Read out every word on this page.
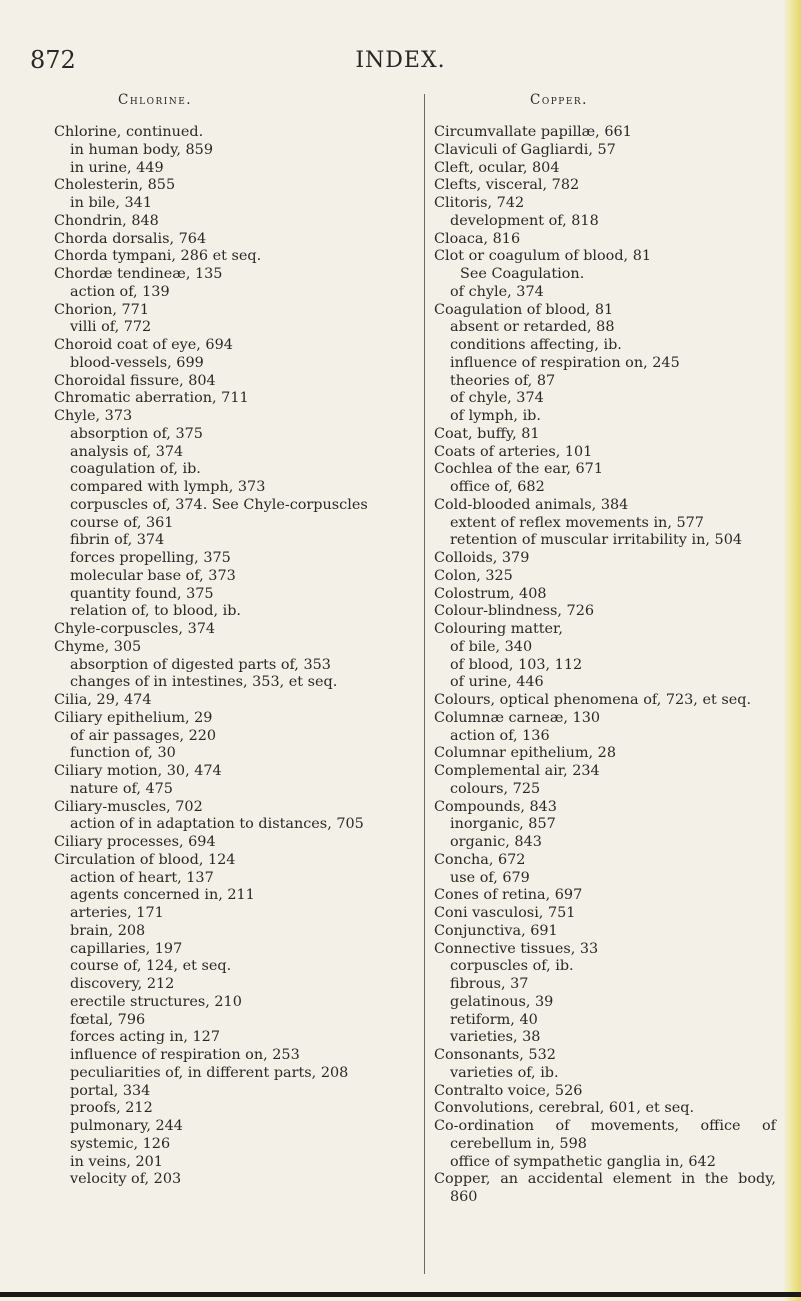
872	INDEX.
Chlorine.	Copper.
Chlorine, continued.
in human body, 859
in urine, 449
Cholesterin, 855
in bile, 341
Chondrin, 848
Chorda dorsalis, 764
Chorda tympani, 286 et seq.
Chordæ tendineæ, 135
action of, 139
Chorion, 771
villi of, 772
Choroid coat of eye, 694
blood-vessels, 699
Choroidal fissure, 804
Chromatic aberration, 711
Chyle, 373
absorption of, 375
analysis of, 374
coagulation of, ib.
compared with lymph, 373
corpuscles of, 374. See Chyle-corpuscles
course of, 361
fibrin of, 374
forces propelling, 375
molecular base of, 373
quantity found, 375
relation of, to blood, ib.
Chyle-corpuscles, 374
Chyme, 305
absorption of digested parts of, 353
changes of in intestines, 353, et seq.
Cilia, 29, 474
Ciliary epithelium, 29
of air passages, 220
function of, 30
Ciliary motion, 30, 474
nature of, 475
Ciliary-muscles, 702
action of in adaptation to distances, 705
Ciliary processes, 694
Circulation of blood, 124
action of heart, 137
agents concerned in, 211
arteries, 171
brain, 208
capillaries, 197
course of, 124, et seq.
discovery, 212
erectile structures, 210
fœtal, 796
forces acting in, 127
influence of respiration on, 253
peculiarities of, in different parts, 208
portal, 334
proofs, 212
pulmonary, 244
systemic, 126
in veins, 201
velocity of, 203
Circumvallate papillæ, 661
Claviculi of Gagliardi, 57
Cleft, ocular, 804
Clefts, visceral, 782
Clitoris, 742
development of, 818
Cloaca, 816
Clot or coagulum of blood, 81
See Coagulation.
of chyle, 374
Coagulation of blood, 81
absent or retarded, 88
conditions affecting, ib.
influence of respiration on, 245
theories of, 87
of chyle, 374
of lymph, ib.
Coat, buffy, 81
Coats of arteries, 101
Cochlea of the ear, 671
office of, 682
Cold-blooded animals, 384
extent of reflex movements in, 577
retention of muscular irritability in, 504
Colloids, 379
Colon, 325
Colostrum, 408
Colour-blindness, 726
Colouring matter,
of bile, 340
of blood, 103, 112
of urine, 446
Colours, optical phenomena of, 723, et seq.
Columnæ carneæ, 130
action of, 136
Columnar epithelium, 28
Complemental air, 234
colours, 725
Compounds, 843
inorganic, 857
organic, 843
Concha, 672
use of, 679
Cones of retina, 697
Coni vasculosi, 751
Conjunctiva, 691
Connective tissues, 33
corpuscles of, ib.
fibrous, 37
gelatinous, 39
retiform, 40
varieties, 38
Consonants, 532
varieties of, ib.
Contralto voice, 526
Convolutions, cerebral, 601, et seq.
Co-ordination of movements, office of cerebellum in, 598
office of sympathetic ganglia in, 642
Copper, an accidental element in the body, 860
